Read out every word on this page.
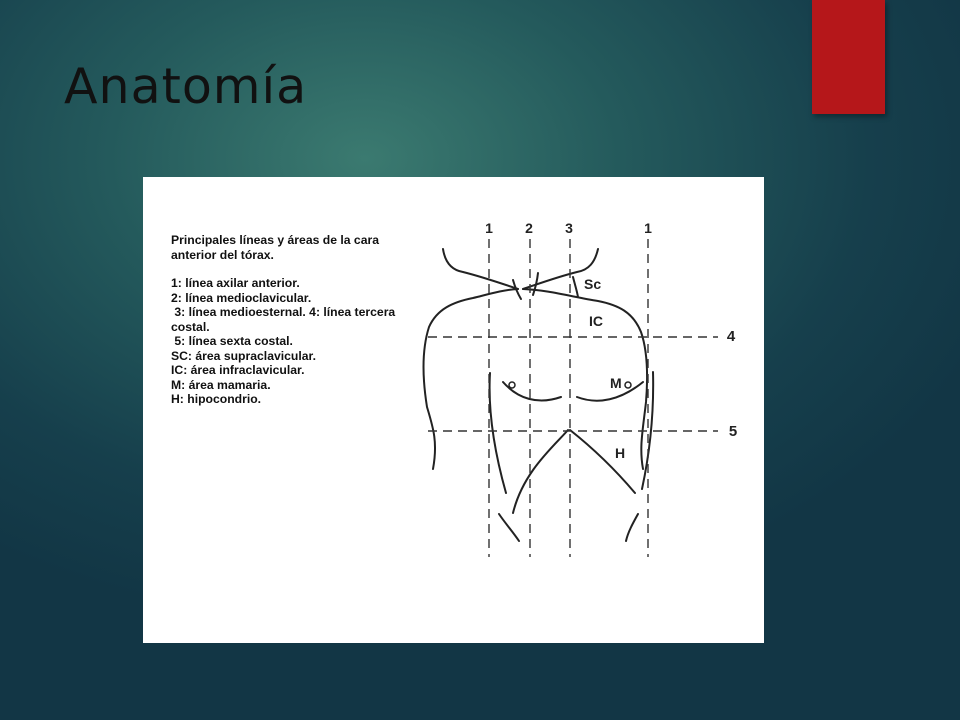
Anatomía
Principales líneas y áreas de la cara
anterior del tórax.
1: línea axilar anterior.
2: línea medioclavicular.
3: línea medioesternal. 4: línea tercera
costal.
5: línea sexta costal.
SC: área supraclavicular.
IC: área infraclavicular.
M: área mamaria.
H: hipocondrio.
1 2 3	1
4
5
Sc
IC
M
H
